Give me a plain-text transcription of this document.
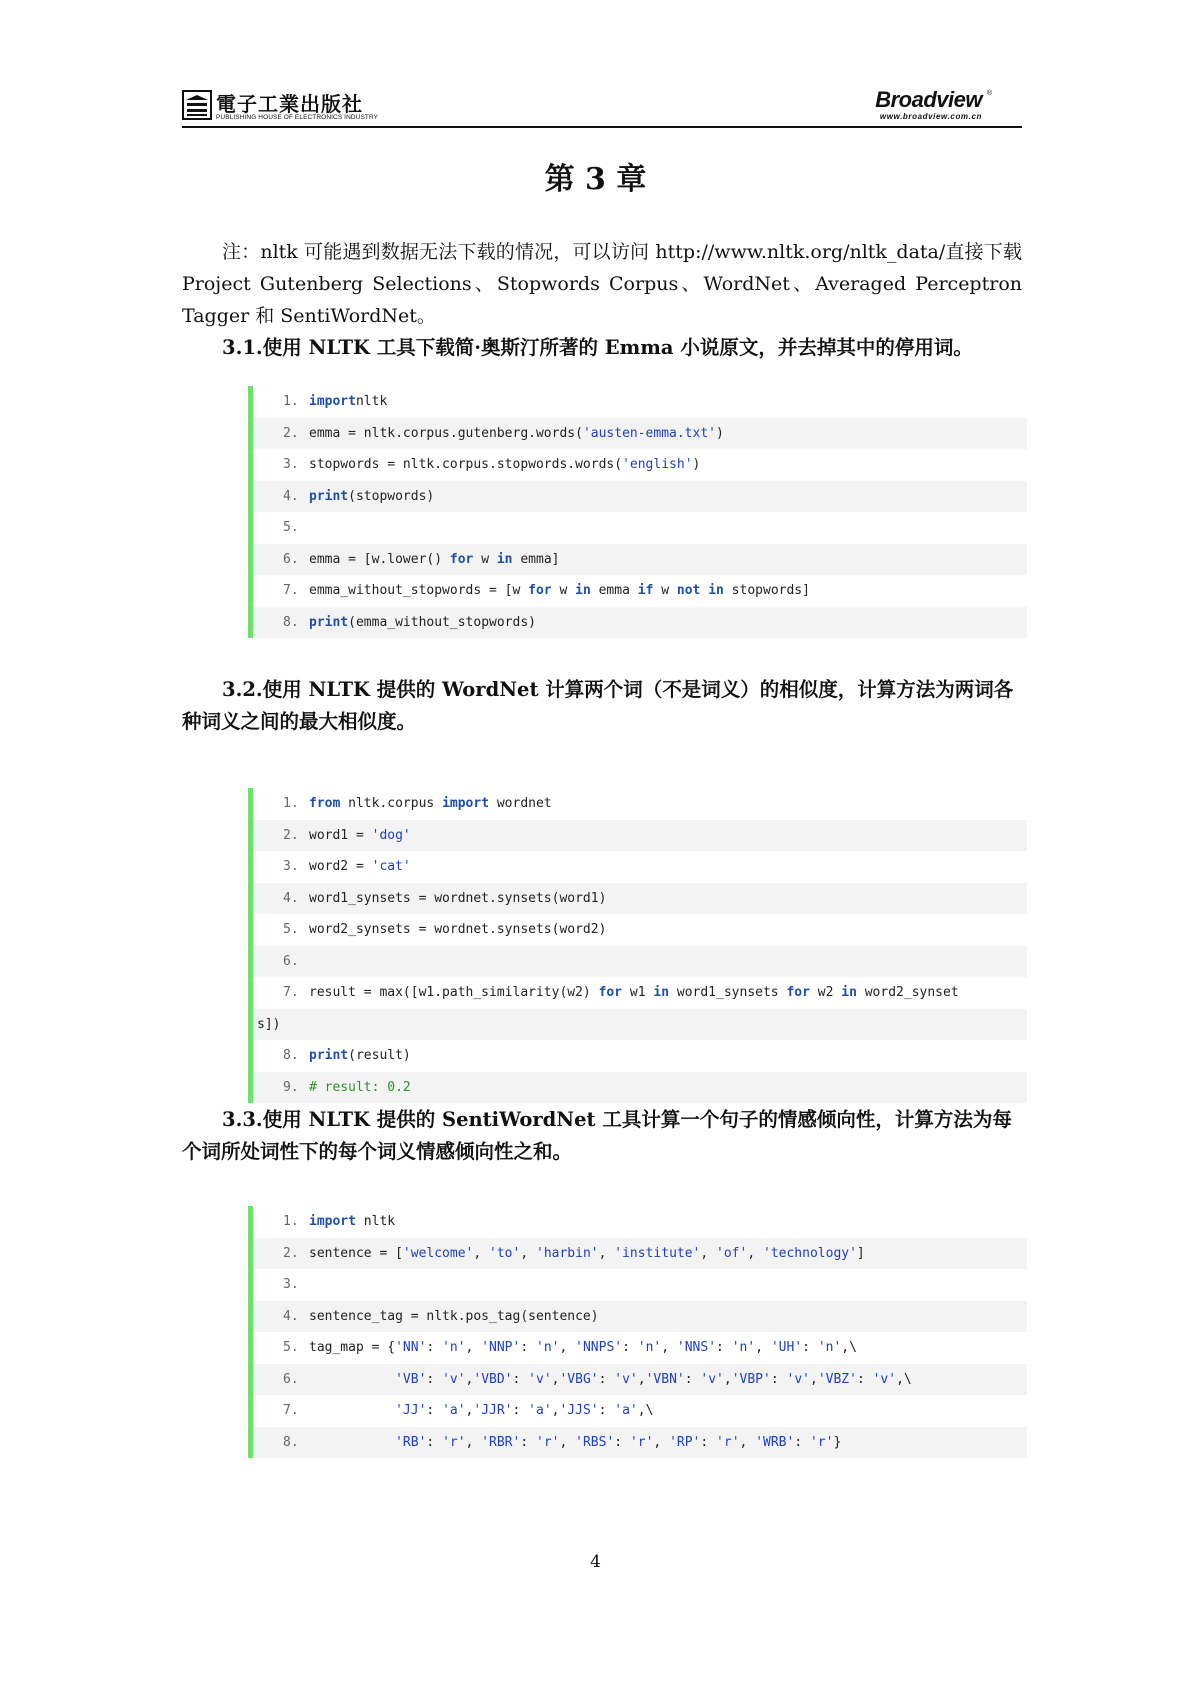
電子工業出版社
PUBLISHING HOUSE OF ELECTRONICS INDUSTRY
Broadview ®
www.broadview.com.cn
第 3 章
注：nltk 可能遇到数据无法下载的情况，可以访问 http://www.nltk.org/nltk_data/直接下载 Project Gutenberg Selections、Stopwords Corpus、WordNet、Averaged Perceptron Tagger 和 SentiWordNet。
3.1.使用 NLTK 工具下载简·奥斯汀所著的 Emma 小说原文，并去掉其中的停用词。
1. importnltk
2. emma = nltk.corpus.gutenberg.words('austen-emma.txt')
3. stopwords = nltk.corpus.stopwords.words('english')
4. print(stopwords)
5.
6. emma = [w.lower() for w in emma]
7. emma_without_stopwords = [w for w in emma if w not in stopwords]
8. print(emma_without_stopwords)
3.2.使用 NLTK 提供的 WordNet 计算两个词（不是词义）的相似度，计算方法为两词各种词义之间的最大相似度。
1. from nltk.corpus import wordnet
2. word1 = 'dog'
3. word2 = 'cat'
4. word1_synsets = wordnet.synsets(word1)
5. word2_synsets = wordnet.synsets(word2)
6.
7. result = max([w1.path_similarity(w2) for w1 in word1_synsets for w2 in word2_synset
s])
8. print(result)
9. # result: 0.2
3.3.使用 NLTK 提供的 SentiWordNet 工具计算一个句子的情感倾向性，计算方法为每个词所处词性下的每个词义情感倾向性之和。
1. import nltk
2. sentence = ['welcome', 'to', 'harbin', 'institute', 'of', 'technology']
3.
4. sentence_tag = nltk.pos_tag(sentence)
5. tag_map = {'NN': 'n', 'NNP': 'n', 'NNPS': 'n', 'NNS': 'n', 'UH': 'n',\
6.	'VB': 'v','VBD': 'v','VBG': 'v','VBN': 'v','VBP': 'v','VBZ': 'v',\
7.	'JJ': 'a','JJR': 'a','JJS': 'a',\
8.	'RB': 'r', 'RBR': 'r', 'RBS': 'r', 'RP': 'r', 'WRB': 'r'}
4
